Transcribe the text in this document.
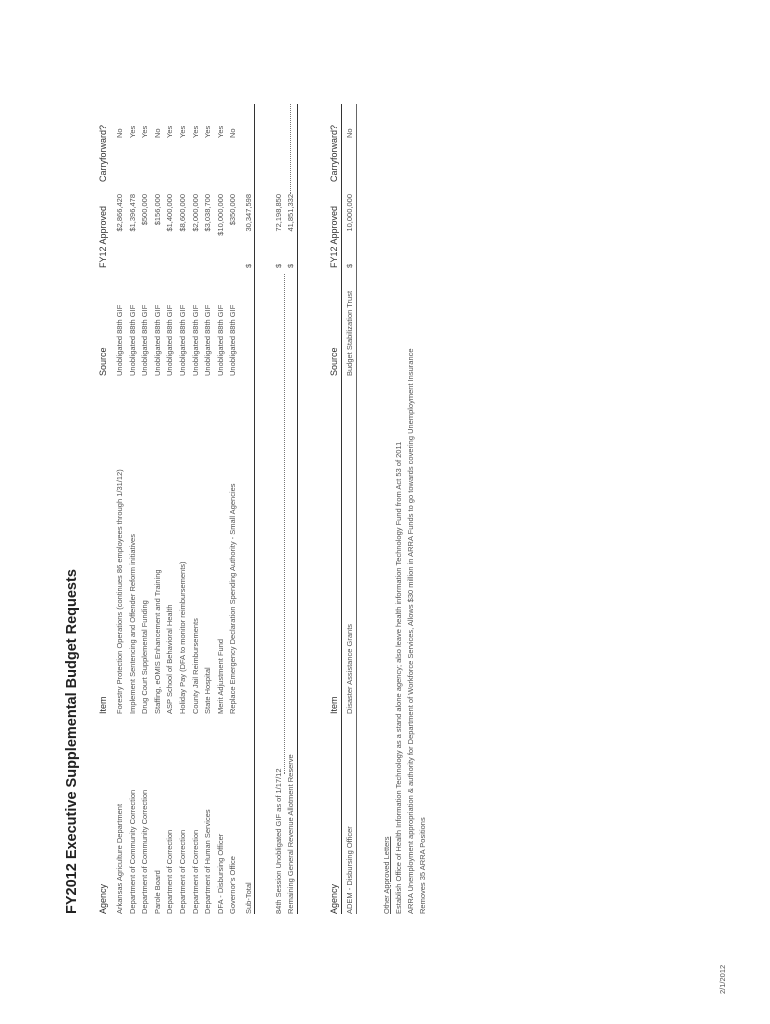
FY2012 Executive Supplemental Budget Requests Agency
Item
Source
FY12 Approved
Carryforward?
Arkansas Agriculture Department
Forestry Protection Operations (continues 86 employees through 1/31/12)
Unobligated 88th GIF
$2,866,420
No
Department of Community Correction
Implement Sentencing and Offender Reform initiatives
Unobligated 88th GIF
$1,396,478
Yes
Department of Community Correction
Drug Court Supplemental Funding
Unobligated 88th GIF
$500,000
Yes
Parole Board
Staffing, eOMIS Enhancement and Training
Unobligated 88th GIF
$156,000
No
Department of Correction
ASP School of Behavioral Health
Unobligated 88th GIF
$1,400,000
Yes
Department of Correction
Holiday Pay (DFA to monitor reimbursements)
Unobligated 88th GIF
$8,600,000
Yes
Department of Correction
County Jail Reimbursements
Unobligated 88th GIF
$2,000,000
Yes
Department of Human Services
State Hospital
Unobligated 88th GIF
$3,038,700
Yes
DFA - Disbursing Officer
Merit Adjustment Fund
Unobligated 88th GIF
$10,000,000
Yes
Governor's Office
Replace Emergency Declaration Spending Authority - Small Agencies
Unobligated 88th GIF
$350,000
No
Sub-Total
$
30,347,598
84th Session Unobligated GIF as of 1/17/12
$
72,198,850
Remaining General Revenue Allotment Reserve
$
41,851,332
Agency
Item
Source
FY12 Approved
Carryforward?
ADEM - Disbursing Officer
Disaster Assistance Grants
Budget Stabilization Trust
$
10,000,000
No
Other Approved Letters Establish Office of Health Information Technology as a stand alone agency; also leave health information Technology Fund from Act 53 of 2011 ARRA Unemployment appropriation & authority for Department of Workforce Services, Allows $30 million in ARRA Funds to go towards covering Unemployment Insurance Removes 35 ARRA Positions
2/1/2012
